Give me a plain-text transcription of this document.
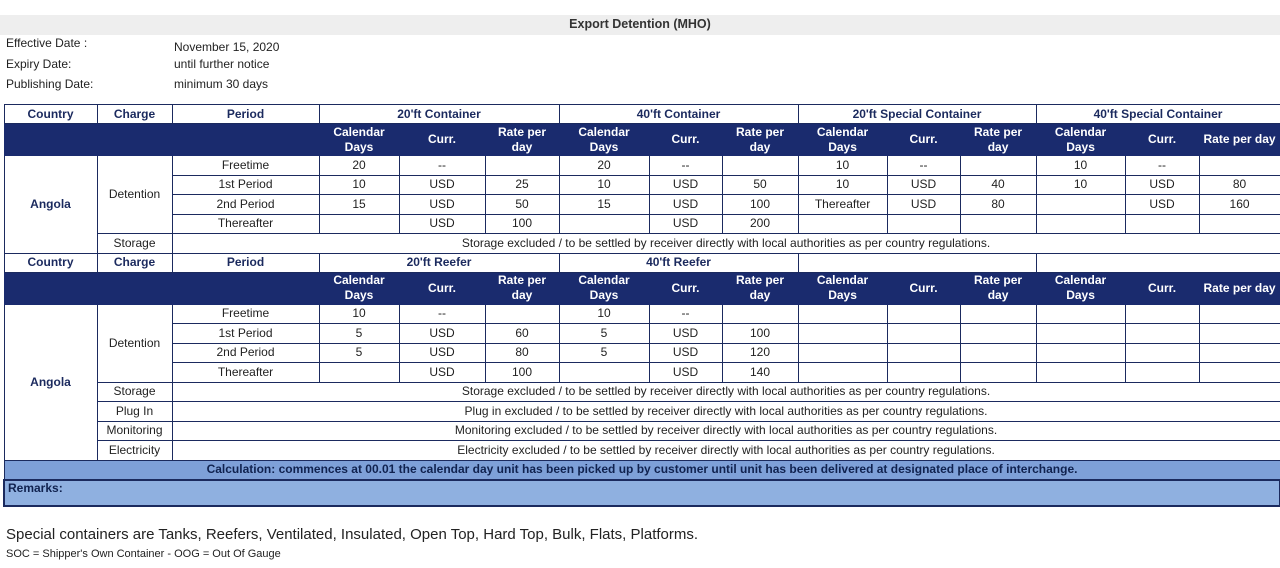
Export Detention (MHO)
Effective Date :	November 15, 2020
Expiry Date:	until further notice
Publishing Date:	minimum 30 days
Country	Charge	Period	20'ft Container			40'ft Container			20'ft Special Container			40'ft Special Container		
			Calendar Days	Curr.	Rate per day	Calendar Days	Curr.	Rate per day	Calendar Days	Curr.	Rate per day	Calendar Days	Curr.	Rate per day
Angola	Detention	Freetime	20	--		20	--		10	--		10	--	
		1st Period	10	USD	25	10	USD	50	10	USD	40	10	USD	80
		2nd Period	15	USD	50	15	USD	100	Thereafter	USD	80		USD	160
		Thereafter		USD	100		USD	200						
	Storage	Storage excluded / to be settled by receiver directly with local authorities as per country regulations.												
Country	Charge	Period	20'ft Reefer			40'ft Reefer								
			Calendar Days	Curr.	Rate per day	Calendar Days	Curr.	Rate per day	Calendar Days	Curr.	Rate per day	Calendar Days	Curr.	Rate per day
Angola	Detention	Freetime	10	--		10	--							
		1st Period	5	USD	60	5	USD	100						
		2nd Period	5	USD	80	5	USD	120						
		Thereafter		USD	100		USD	140						
	Storage	Storage excluded / to be settled by receiver directly with local authorities as per country regulations.												
	Plug In	Plug in excluded / to be settled by receiver directly with local authorities as per country regulations.												
	Monitoring	Monitoring excluded / to be settled by receiver directly with local authorities as per country regulations.												
	Electricity	Electricity excluded / to be settled by receiver directly with local authorities as per country regulations.												
Calculation: commences at 00.01 the calendar day unit has been picked up by customer until unit has been delivered at designated place of interchange.														
Remarks:														
Special containers are Tanks, Reefers, Ventilated, Insulated, Open Top, Hard Top, Bulk, Flats, Platforms.
SOC = Shipper's Own Container - OOG = Out Of Gauge
